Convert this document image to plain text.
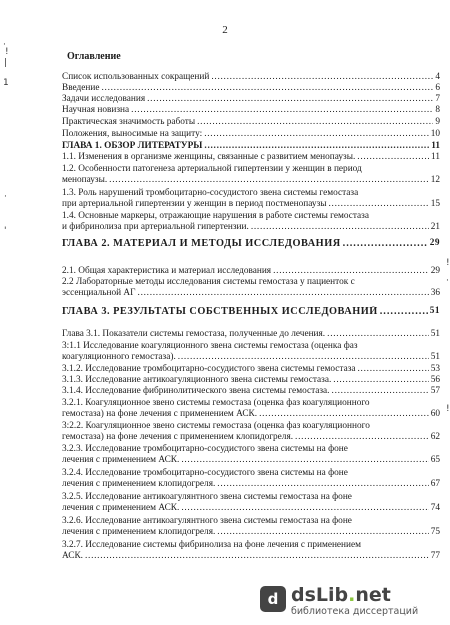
2
Оглавление
Список использованных сокращений	4
. . .
Введение	6
. . .
Задачи исследования	7
. . .
Научная новизна	8
. . .
Практическая значимость работы	9
. . .
Положения, выносимые на защиту:	10
. . .
ГЛАВА 1. ОБЗОР ЛИТЕРАТУРЫ	11
. . .
1.1. Изменения в организме женщины, связанные с развитием менопаузы.	11
. . .
1.2. Особенности патогенеза артериальной гипертензии у женщин в период
менопаузы.	12
. . .
1.3. Роль нарушений тромбоцитарно-сосудистого звена системы гемостаза
при артериальной гипертензии у женщин в период постменопаузы	15
. . .
1.4. Основные маркеры, отражающие нарушения в работе системы гемостаза
и фибринолиза при артериальной гипертензии.	21
. . .
ГЛАВА 2. МАТЕРИАЛ И МЕТОДЫ ИССЛЕДОВАНИЯ	29
. . .
2.1. Общая характеристика и материал исследования	29
. . .
2.2 Лабораторные методы исследования системы гемостаза у пациенток с
эссенциальной АГ	36
. . .
ГЛАВА 3. РЕЗУЛЬТАТЫ СОБСТВЕННЫХ ИССЛЕДОВАНИЙ	51
. . .
Глава 3.1. Показатели системы гемостаза, полученные до лечения.	51
. . .
3:1.1 Исследование коагуляционного звена системы гемостаза (оценка фаз
коагуляционного гемостаза).	51
. . .
3.1.2. Исследование тромбоцитарно-сосудистого звена системы гемостаза	53
. . .
3.1.3. Исследование антикоагуляционного звена системы гемостаза.	56
. . .
3.1.4. Исследование фибринолитического звена системы гемостаза.	57
. . .
3.2.1. Коагуляционное звено системы гемостаза (оценка фаз коагуляционного
гемостаза) на фоне лечения с применением АСК.	60
. . .
3:2.2. Коагуляционное звено системы гемостаза (оценка фаз коагуляционного
гемостаза) на фоне лечения с применением клопидогреля.	62
. . .
3.2.3. Исследование тромбоцитарно-сосудистого звена системы на фоне
лечения с применением АСК.	65
. . .
3.2.4. Исследование тромбоцитарно-сосудистого звена системы на фоне
лечения с применением клопидогреля.	67
. . .
3.2.5. Исследование антикоагулянтного звена системы гемостаза на фоне
лечения с применением АСК.	74
. . .
3.2.6. Исследование антикоагулянтного звена системы гемостаза на фоне
лечения с применением клопидогреля.	75
. . .
3.2.7. Исследование системы фибринолиза на фоне лечения с применением
АСК.	77
. . .
·
!
|
1
·
'
!
·
!
d dsLib.net
библиотека диссертаций
